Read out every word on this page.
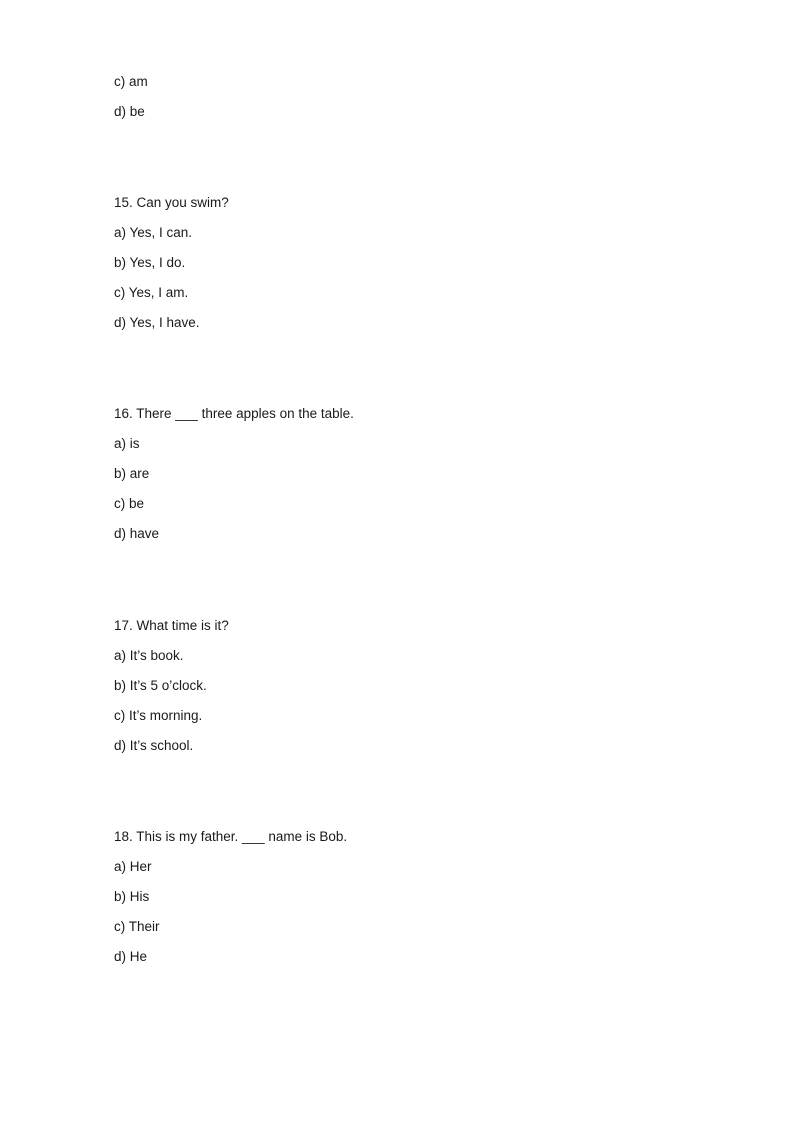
c) am
d) be
15. Can you swim?
a) Yes, I can.
b) Yes, I do.
c) Yes, I am.
d) Yes, I have.
16. There ___ three apples on the table.
a) is
b) are
c) be
d) have
17. What time is it?
a) It’s book.
b) It’s 5 o’clock.
c) It’s morning.
d) It’s school.
18. This is my father. ___ name is Bob.
a) Her
b) His
c) Their
d) He
